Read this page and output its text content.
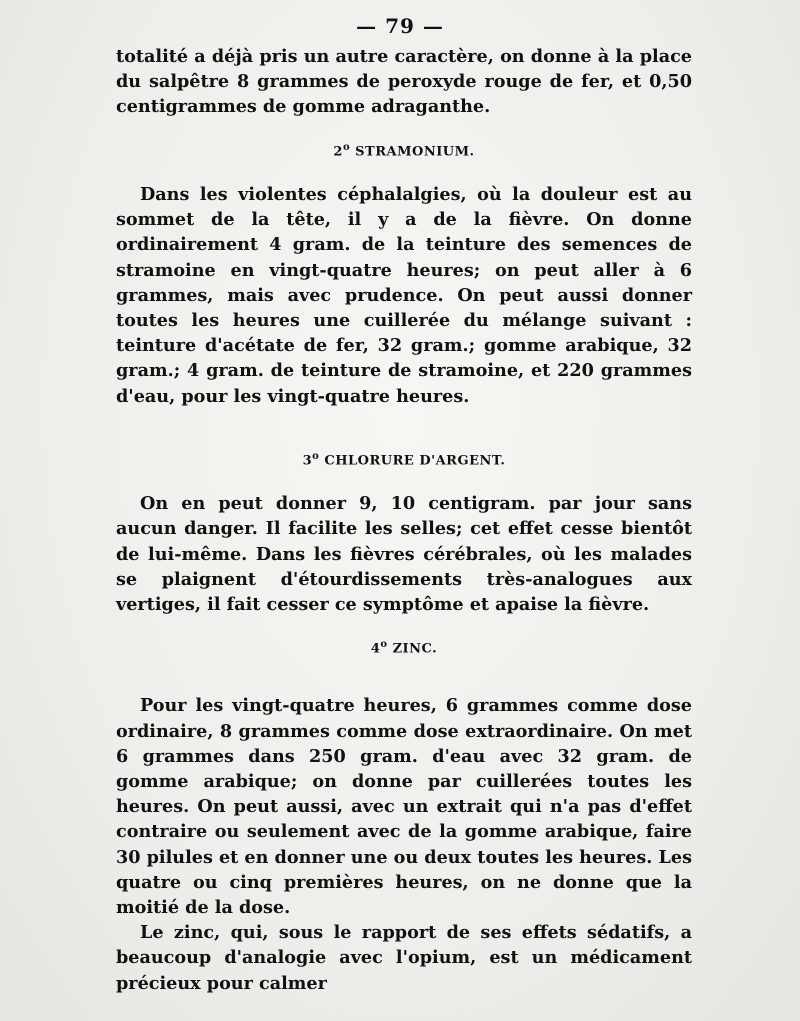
— 79 —

totalité a déjà pris un autre caractère, on donne à la place du salpêtre 8 grammes de peroxyde rouge de fer, et 0,50 centigrammes de gomme adraganthe.

2$^o$ STRAMONIUM.

Dans les violentes céphalalgies, où la douleur est au sommet de la tête, il y a de la fièvre. On donne ordinairement 4 gram. de la teinture des semences de stramoine en vingt-quatre heures; on peut aller à 6 grammes, mais avec prudence. On peut aussi donner toutes les heures une cuillerée du mélange suivant : teinture d'acétate de fer, 32 gram.; gomme arabique, 32 gram.; 4 gram. de teinture de stramoine, et 220 grammes d'eau, pour les vingt-quatre heures.

3$^o$ CHLORURE D'ARGENT.

On en peut donner 9, 10 centigram. par jour sans aucun danger. Il facilite les selles; cet effet cesse bientôt de lui-même. Dans les fièvres cérébrales, où les malades se plaignent d'étourdissements très-analogues aux vertiges, il fait cesser ce symptôme et apaise la fièvre.

4$^o$ ZINC.

Pour les vingt-quatre heures, 6 grammes comme dose ordinaire, 8 grammes comme dose extraordinaire. On met 6 grammes dans 250 gram. d'eau avec 32 gram. de gomme arabique; on donne par cuillerées toutes les heures. On peut aussi, avec un extrait qui n'a pas d'effet contraire ou seulement avec de la gomme arabique, faire 30 pilules et en donner une ou deux toutes les heures. Les quatre ou cinq premières heures, on ne donne que la moitié de la dose.

Le zinc, qui, sous le rapport de ses effets sédatifs, a beaucoup d'analogie avec l'opium, est un médicament précieux pour calmer
